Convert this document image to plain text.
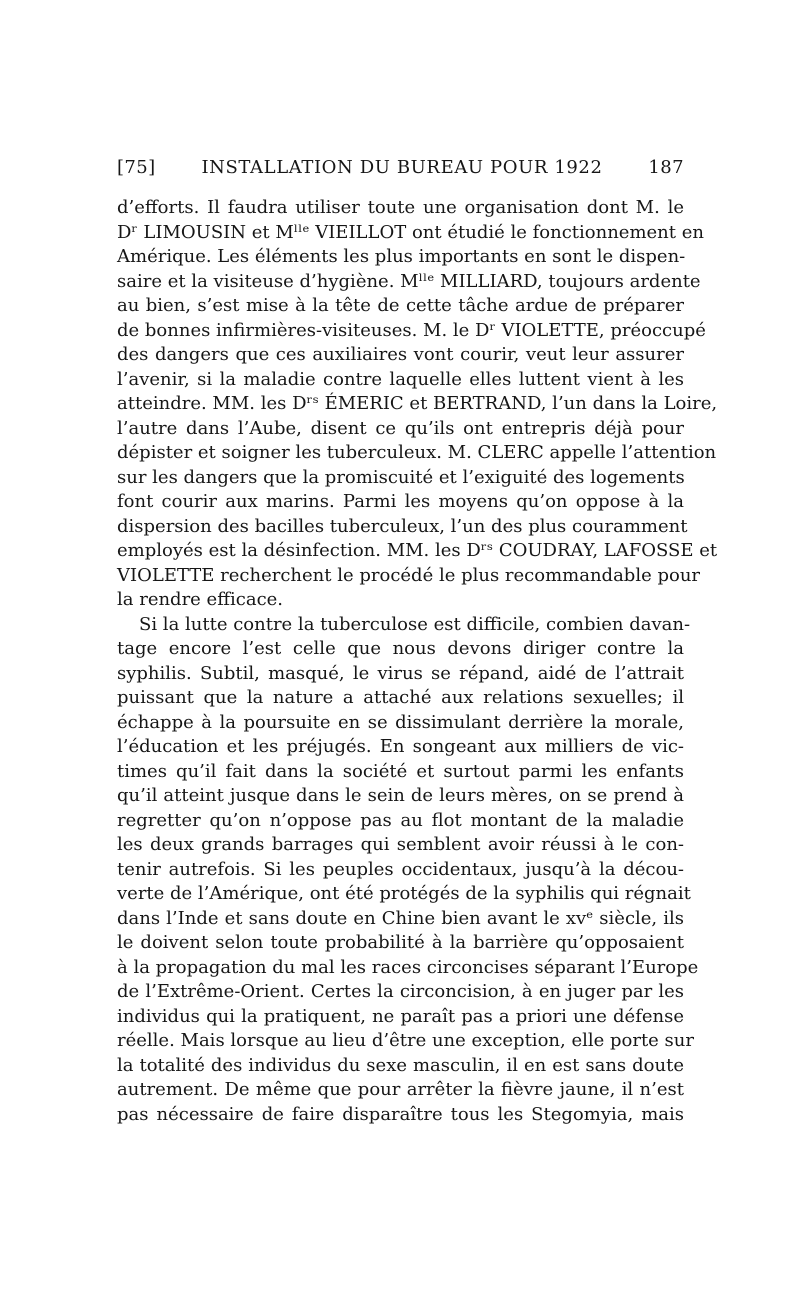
[75]	INSTALLATION DU BUREAU POUR 1922	187
d’efforts. Il faudra utiliser toute une organisation dont M. le
Dʳ LIMOUSIN et Mˡˡᵉ VIEILLOT ont étudié le fonctionnement en
Amérique. Les éléments les plus importants en sont le dispen-
saire et la visiteuse d’hygiène. Mˡˡᵉ MILLIARD, toujours ardente
au bien, s’est mise à la tête de cette tâche ardue de préparer
de bonnes infirmières-visiteuses. M. le Dʳ VIOLETTE, préoccupé
des dangers que ces auxiliaires vont courir, veut leur assurer
l’avenir, si la maladie contre laquelle elles luttent vient à les
atteindre. MM. les Dʳˢ ÉMERIC et BERTRAND, l’un dans la Loire,
l’autre dans l’Aube, disent ce qu’ils ont entrepris déjà pour
dépister et soigner les tuberculeux. M. CLERC appelle l’attention
sur les dangers que la promiscuité et l’exiguité des logements
font courir aux marins. Parmi les moyens qu’on oppose à la
dispersion des bacilles tuberculeux, l’un des plus couramment
employés est la désinfection. MM. les Dʳˢ COUDRAY, LAFOSSE et
VIOLETTE recherchent le procédé le plus recommandable pour
la rendre efficace.
Si la lutte contre la tuberculose est difficile, combien davan-
tage encore l’est celle que nous devons diriger contre la
syphilis. Subtil, masqué, le virus se répand, aidé de l’attrait
puissant que la nature a attaché aux relations sexuelles; il
échappe à la poursuite en se dissimulant derrière la morale,
l’éducation et les préjugés. En songeant aux milliers de vic-
times qu’il fait dans la société et surtout parmi les enfants
qu’il atteint jusque dans le sein de leurs mères, on se prend à
regretter qu’on n’oppose pas au flot montant de la maladie
les deux grands barrages qui semblent avoir réussi à le con-
tenir autrefois. Si les peuples occidentaux, jusqu’à la décou-
verte de l’Amérique, ont été protégés de la syphilis qui régnait
dans l’Inde et sans doute en Chine bien avant le xvᵉ siècle, ils
le doivent selon toute probabilité à la barrière qu’opposaient
à la propagation du mal les races circoncises séparant l’Europe
de l’Extrême-Orient. Certes la circoncision, à en juger par les
individus qui la pratiquent, ne paraît pas a priori une défense
réelle. Mais lorsque au lieu d’être une exception, elle porte sur
la totalité des individus du sexe masculin, il en est sans doute
autrement. De même que pour arrêter la fièvre jaune, il n’est
pas nécessaire de faire disparaître tous les Stegomyia, mais
